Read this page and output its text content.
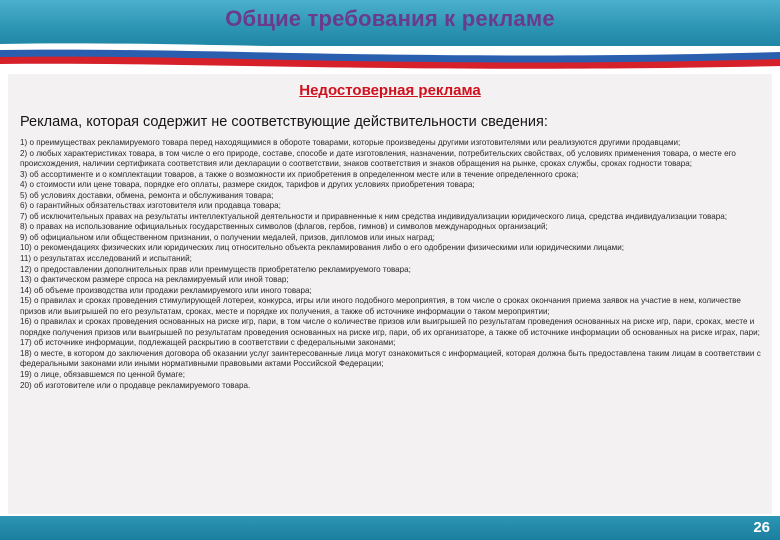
Общие требования к рекламе
Недостоверная реклама
Реклама, которая содержит не соответствующие действительности сведения:

1) о преимуществах рекламируемого товара перед находящимися в обороте товарами, которые произведены другими изготовителями или реализуются другими продавцами;

2) о любых характеристиках товара, в том числе о его природе, составе, способе и дате изготовления, назначении, потребительских свойствах, об условиях применения товара, о месте его происхождения, наличии сертификата соответствия или декларации о соответствии, знаков соответствия и знаков обращения на рынке, сроках службы, сроках годности товара;

3) об ассортименте и о комплектации товаров, а также о возможности их приобретения в определенном месте или в течение определенного срока;

4) о стоимости или цене товара, порядке его оплаты, размере скидок, тарифов и других условиях приобретения товара;

5) об условиях доставки, обмена, ремонта и обслуживания товара;

6) о гарантийных обязательствах изготовителя или продавца товара;

7) об исключительных правах на результаты интеллектуальной деятельности и приравненные к ним средства индивидуализации юридического лица, средства индивидуализации товара;

8) о правах на использование официальных государственных символов (флагов, гербов, гимнов) и символов международных организаций;

9) об официальном или общественном признании, о получении медалей, призов, дипломов или иных наград;

10) о рекомендациях физических или юридических лиц относительно объекта рекламирования либо о его одобрении физическими или юридическими лицами;

11) о результатах исследований и испытаний;

12) о предоставлении дополнительных прав или преимуществ приобретателю рекламируемого товара;

13) о фактическом размере спроса на рекламируемый или иной товар;

14) об объеме производства или продажи рекламируемого или иного товара;

15) о правилах и сроках проведения стимулирующей лотереи, конкурса, игры или иного подобного мероприятия, в том числе о сроках окончания приема заявок на участие в нем, количестве призов или выигрышей по его результатам, сроках, месте и порядке их получения, а также об источнике информации о таком мероприятии;

16) о правилах и сроках проведения основанных на риске игр, пари, в том числе о количестве призов или выигрышей по результатам проведения основанных на риске игр, пари, сроках, месте и порядке получения призов или выигрышей по результатам проведения основанных на риске игр, пари, об их организаторе, а также об источнике информации об основанных на риске играх, пари;

17) об источнике информации, подлежащей раскрытию в соответствии с федеральными законами;

18) о месте, в котором до заключения договора об оказании услуг заинтересованные лица могут ознакомиться с информацией, которая должна быть предоставлена таким лицам в соответствии с федеральными законами или иными нормативными правовыми актами Российской Федерации;

19) о лице, обязавшемся по ценной бумаге;

20) об изготовителе или о продавце рекламируемого товара.

26
